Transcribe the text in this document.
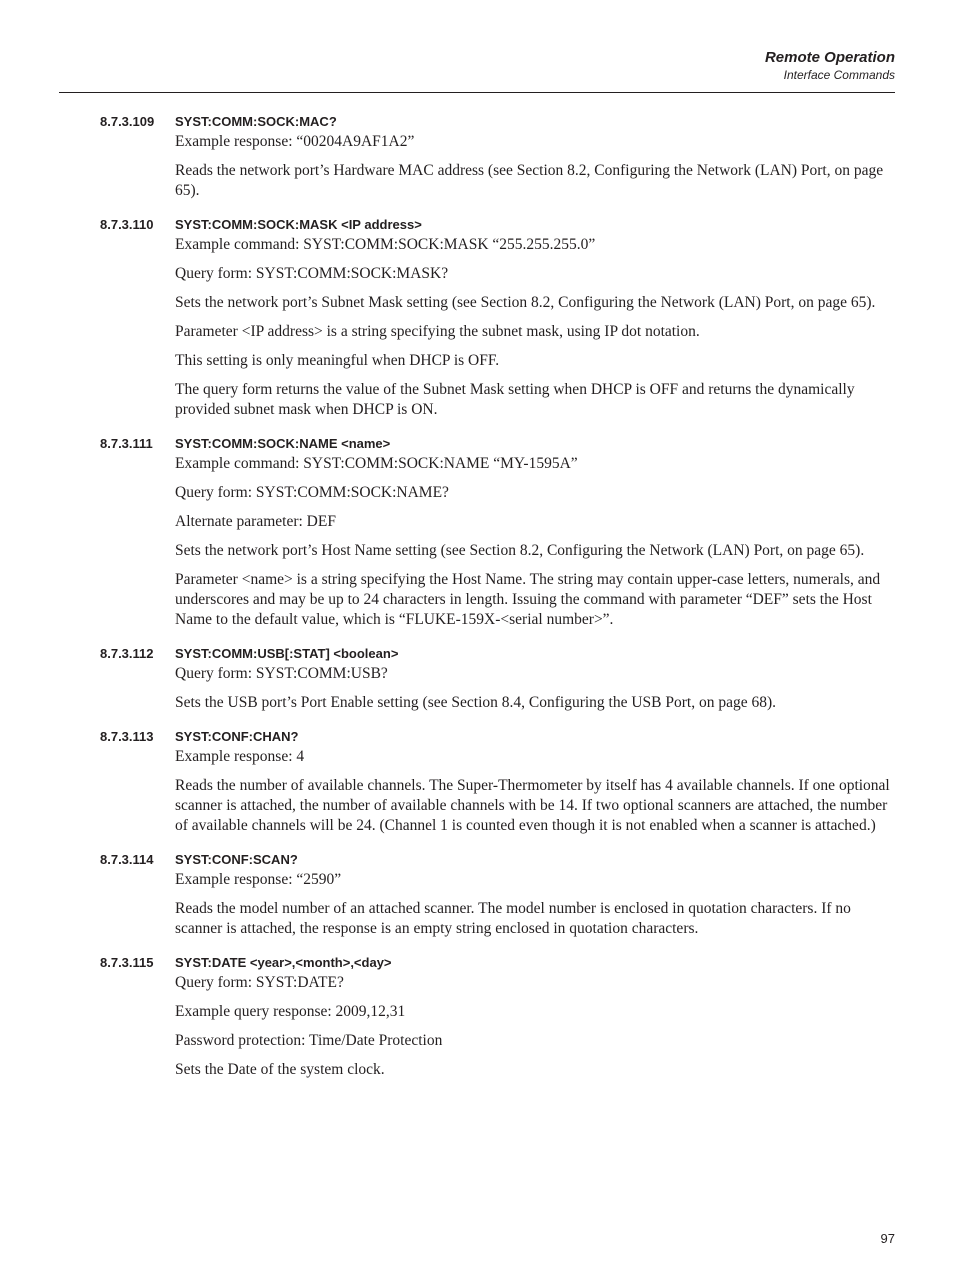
Remote Operation
Interface Commands
8.7.3.109 SYST:COMM:SOCK:MAC?

Example response: “00204A9AF1A2”

Reads the network port’s Hardware MAC address (see Section 8.2, Configuring the Network (LAN) Port, on page 65).

8.7.3.110 SYST:COMM:SOCK:MASK <IP address>

Example command: SYST:COMM:SOCK:MASK “255.255.255.0”

Query form: SYST:COMM:SOCK:MASK?

Sets the network port’s Subnet Mask setting (see Section 8.2, Configuring the Network (LAN) Port, on page 65).

Parameter <IP address> is a string specifying the subnet mask, using IP dot notation.

This setting is only meaningful when DHCP is OFF.

The query form returns the value of the Subnet Mask setting when DHCP is OFF and returns the dynamically provided subnet mask when DHCP is ON.

8.7.3.111 SYST:COMM:SOCK:NAME <name>

Example command: SYST:COMM:SOCK:NAME “MY-1595A”

Query form: SYST:COMM:SOCK:NAME?

Alternate parameter: DEF

Sets the network port’s Host Name setting (see Section 8.2, Configuring the Network (LAN) Port, on page 65).

Parameter <name> is a string specifying the Host Name. The string may contain upper-case letters, numerals, and underscores and may be up to 24 characters in length. Issuing the command with parameter “DEF” sets the Host Name to the default value, which is “FLUKE-159X-<serial number>”.

8.7.3.112 SYST:COMM:USB[:STAT] <boolean>

Query form: SYST:COMM:USB?

Sets the USB port’s Port Enable setting (see Section 8.4, Configuring the USB Port, on page 68).

8.7.3.113 SYST:CONF:CHAN?

Example response: 4

Reads the number of available channels. The Super-Thermometer by itself has 4 available channels. If one optional scanner is attached, the number of available channels with be 14. If two optional scanners are attached, the number of available channels will be 24. (Channel 1 is counted even though it is not enabled when a scanner is attached.)

8.7.3.114 SYST:CONF:SCAN?

Example response: “2590”

Reads the model number of an attached scanner. The model number is enclosed in quotation characters. If no scanner is attached, the response is an empty string enclosed in quotation characters.

8.7.3.115 SYST:DATE <year>,<month>,<day>

Query form: SYST:DATE?

Example query response: 2009,12,31

Password protection: Time/Date Protection

Sets the Date of the system clock.

97
